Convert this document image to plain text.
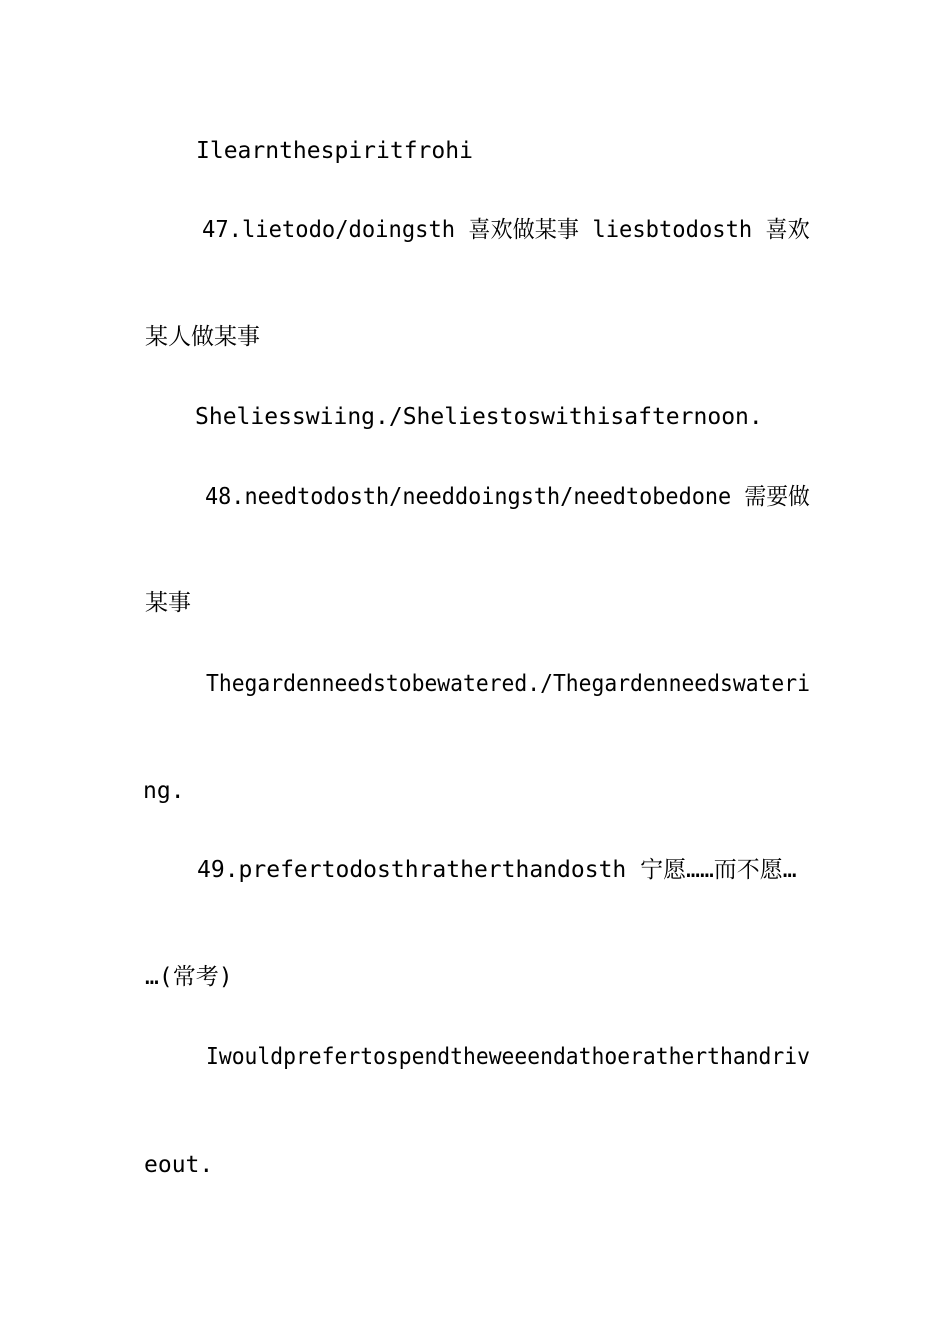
Ilearnthespiritfrohi
47.lietodo/doingsth 喜欢做某事 liesbtodosth 喜欢
某人做某事
Sheliesswiing./Sheliestoswithisafternoon.
48.needtodosth/needdoingsth/needtobedone 需要做
某事
Thegardenneedstobewatered./Thegardenneedswateri
ng.
49.prefertodosthratherthandosth 宁愿……而不愿…
…(常考)
Iwouldprefertospendtheweeendathoeratherthandriv
eout.
